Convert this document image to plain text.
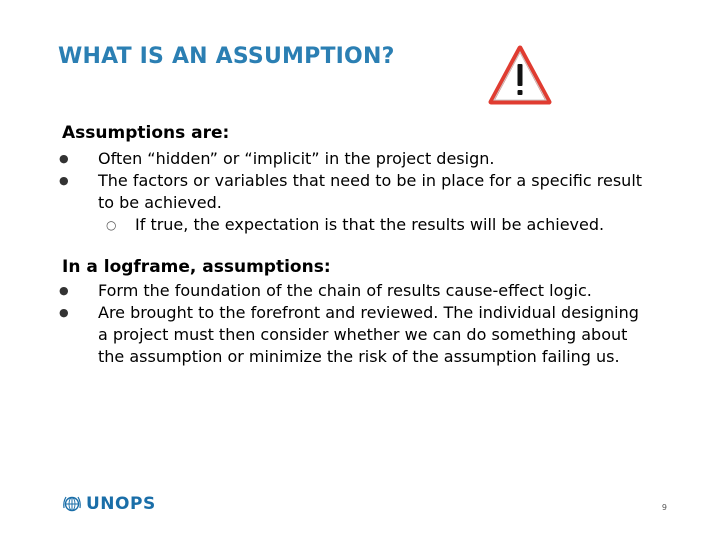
WHAT IS AN ASSUMPTION?
Assumptions are:
● Often “hidden” or “implicit” in the project design.
● The factors or variables that need to be in place for a specific result to be achieved.
○ If true, the expectation is that the results will be achieved.
In a logframe, assumptions:
● Form the foundation of the chain of results cause-effect logic.
● Are brought to the forefront and reviewed. The individual designing a project must then consider whether we can do something about the assumption or minimize the risk of the assumption failing us.
UNOPS	9
